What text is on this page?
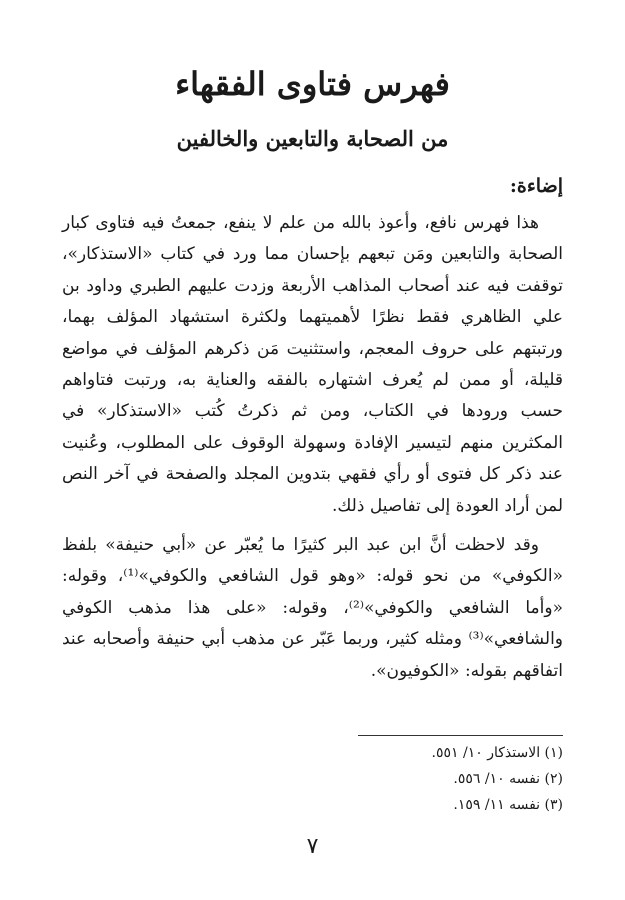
فهرس فتاوى الفقهاء
من الصحابة والتابعين والخالفين
إضاءة:

هذا فهرس نافع، وأعوذ بالله من علم لا ينفع، جمعتُ فيه فتاوى كبار الصحابة والتابعين ومَن تبعهم بإحسان مما ورد في كتاب «الاستذكار»، توقفت فيه عند أصحاب المذاهب الأربعة وزدت عليهم الطبري وداود بن علي الظاهري فقط نظرًا لأهميتهما ولكثرة استشهاد المؤلف بهما، ورتبتهم على حروف المعجم، واستثنيت مَن ذكرهم المؤلف في مواضع قليلة، أو ممن لم يُعرف اشتهاره بالفقه والعناية به، ورتبت فتاواهم حسب ورودها في الكتاب، ومن ثم ذكرتُ كُتب «الاستذكار» في المكثرين منهم لتيسير الإفادة وسهولة الوقوف على المطلوب، وعُنيت عند ذكر كل فتوى أو رأي فقهي بتدوين المجلد والصفحة في آخر النص لمن أراد العودة إلى تفاصيل ذلك.

وقد لاحظت أنَّ ابن عبد البر كثيرًا ما يُعبّر عن «أبي حنيفة» بلفظ «الكوفي» من نحو قوله: «وهو قول الشافعي والكوفي»⁽¹⁾، وقوله: «وأما الشافعي والكوفي»⁽²⁾، وقوله: «على هذا مذهب الكوفي والشافعي»⁽³⁾ ومثله كثير، وربما عَبّر عن مذهب أبي حنيفة وأصحابه عند اتفاقهم بقوله: «الكوفيون».

(١) الاستذكار ١٠/ ٥٥١.

(٢) نفسه ١٠/ ٥٥٦.

(٣) نفسه ١١/ ١٥٩.

٧
